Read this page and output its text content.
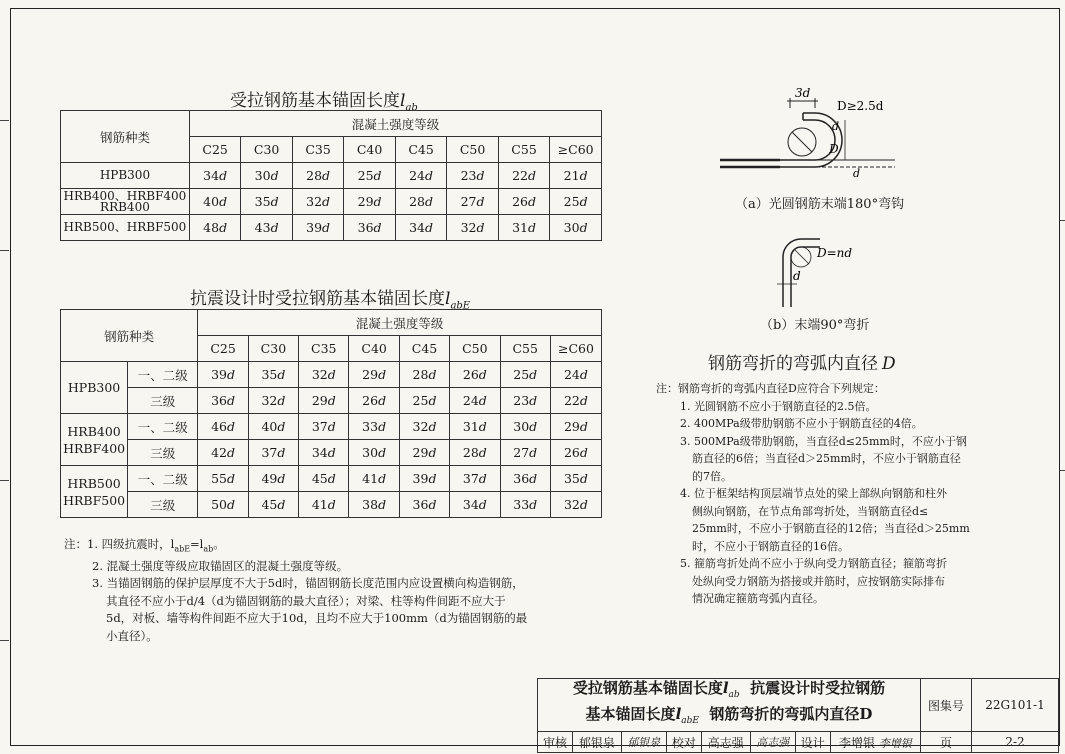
受拉钢筋基本锚固长度$l_{ab}$
钢筋种类	混凝土强度等级							
	C25	C30	C35	C40	C45	C50	C55	≥C60

HPB300	34d	30d	28d	25d	24d	23d	22d	21d

HRB400、HRBF400
RRB400	40d	35d	32d	29d	28d	27d	26d	25d

HRB500、HRBF500	48d	43d	39d	36d	34d	32d	31d	30d
抗震设计时受拉钢筋基本锚固长度$l_{abE}$
钢筋种类		混凝土强度等级							
		C25	C30	C35	C40	C45	C50	C55	≥C60

HPB300	一、二级	39d	35d	32d	29d	28d	26d	25d	24d
	三级	36d	32d	29d	26d	25d	24d	23d	22d

HRB400
HRBF400	一、二级	46d	40d	37d	33d	32d	31d	30d	29d
	三级	42d	37d	34d	30d	29d	28d	27d	26d

HRB500
HRBF500	一、二级	55d	49d	45d	41d	39d	37d	36d	35d
	三级	50d	45d	41d	38d	36d	34d	33d	32d
注：1. 四级抗震时，$l_{abE}=l_{ab}$。
2. 混凝土强度等级应取锚固区的混凝土强度等级。
3. 当锚固钢筋的保护层厚度不大于5d时，锚固钢筋长度范围内应设置横向构造钢筋，
其直径不应小于d/4（d为锚固钢筋的最大直径）；对梁、柱等构件间距不应大于
5d，对板、墙等构件间距不应大于10d，且均不应大于100mm（d为锚固钢筋的最
小直径）。
3d
D≥2.5d
D
d
d
（a）光圆钢筋末端180°弯钩
D=nd
d
（b）末端90°弯折
钢筋弯折的弯弧内直径 D
注：钢筋弯折的弯弧内直径D应符合下列规定：
1. 光圆钢筋不应小于钢筋直径的2.5倍。
2. 400MPa级带肋钢筋不应小于钢筋直径的4倍。
3. 500MPa级带肋钢筋，当直径d≤25mm时，不应小于钢
筋直径的6倍；当直径d＞25mm时，不应小于钢筋直径
的7倍。
4. 位于框架结构顶层端节点处的梁上部纵向钢筋和柱外
侧纵向钢筋，在节点角部弯折处，当钢筋直径d≤
25mm时，不应小于钢筋直径的12倍；当直径d＞25mm
时，不应小于钢筋直径的16倍。
5. 箍筋弯折处尚不应小于纵向受力钢筋直径；箍筋弯折
处纵向受力钢筋为搭接或并筋时，应按钢筋实际排布
情况确定箍筋弯弧内直径。
受拉钢筋基本锚固长度$l_{ab}$ 抗震设计时受拉钢筋
基本锚固长度$l_{abE}$ 钢筋弯折的弯弧内直径D								图集号	22G101-1
审核	郁银泉	郁银泉	校对	高志强	高志强	设计	李增银 李增银	页	2-2
